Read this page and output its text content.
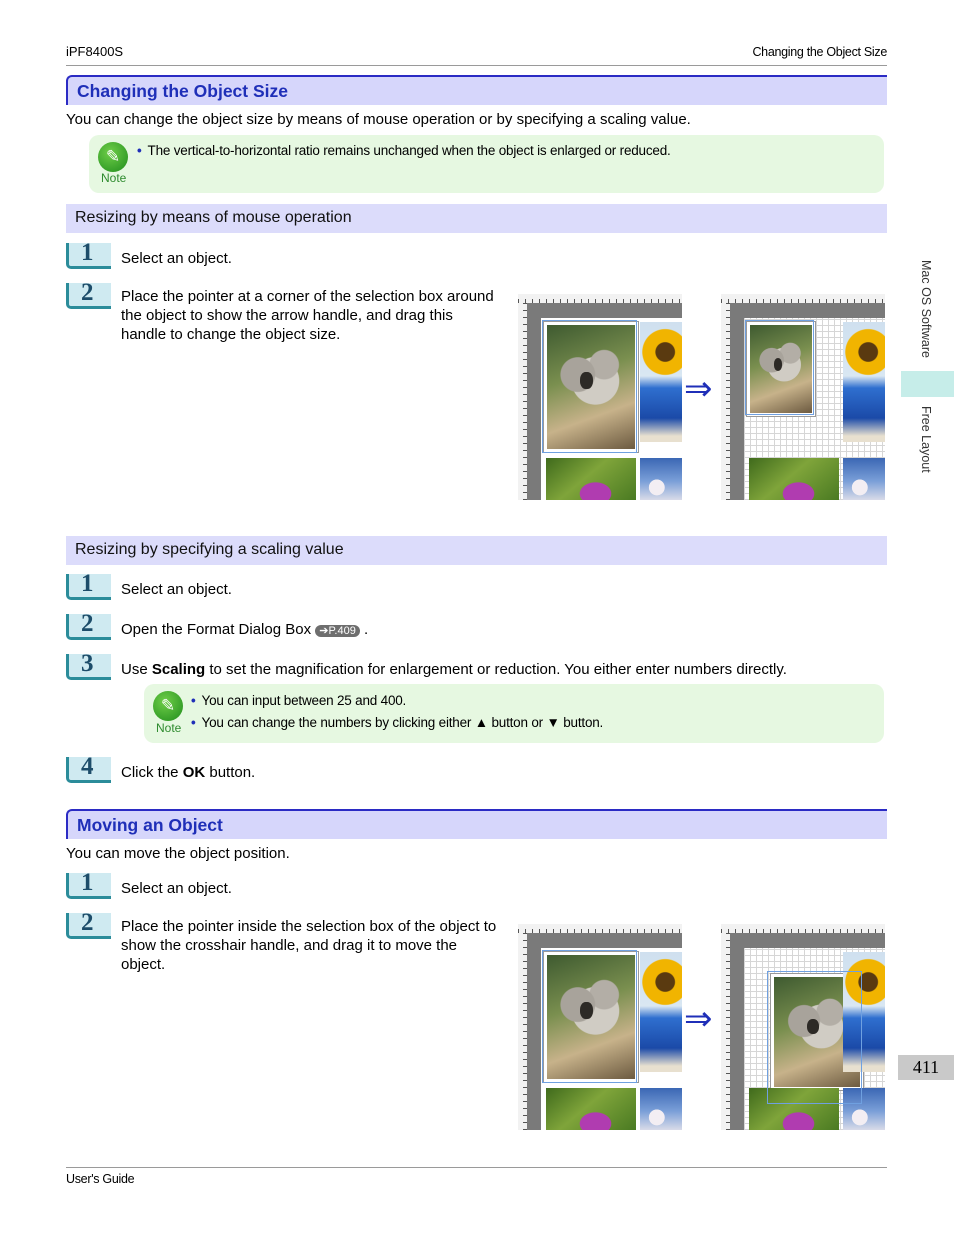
iPF8400S	Changing the Object Size
Changing the Object Size
You can change the object size by means of mouse operation or by specifying a scaling value.
✎
Note
• The vertical-to-horizontal ratio remains unchanged when the object is enlarged or reduced.
Resizing by means of mouse operation
1 Select an object.
2 Place the pointer at a corner of the selection box around the object to show the arrow handle, and drag this handle to change the object size.
⇒
Resizing by specifying a scaling value
1 Select an object.
2 Open the Format Dialog Box ➔P.409 .
3 Use Scaling to set the magnification for enlargement or reduction. You either enter numbers directly.
✎
Note
• You can input between 25 and 400.
• You can change the numbers by clicking either ▲ button or ▼ button.
4 Click the OK button.
Moving an Object
You can move the object position.
1 Select an object.
2 Place the pointer inside the selection box of the object to show the crosshair handle, and drag it to move the object.
⇒
Mac OS Software
Free Layout
411
User's Guide
